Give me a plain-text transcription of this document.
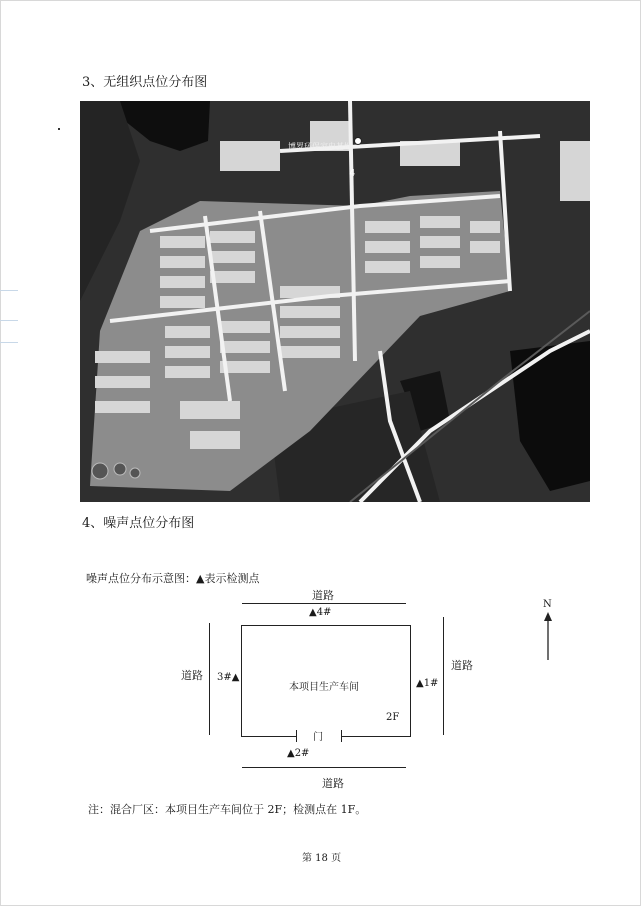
3、无组织点位分布图
博罗环保家电基地
4
4、噪声点位分布图
噪声点位分布示意图：▲表示检测点
道路
道路
道路
道路
门
本项目生产车间
2F
▲4#
3#▲
▲1#
▲2#
N
注：混合厂区：本项目生产车间位于 2F；检测点在 1F。
第 18 页
